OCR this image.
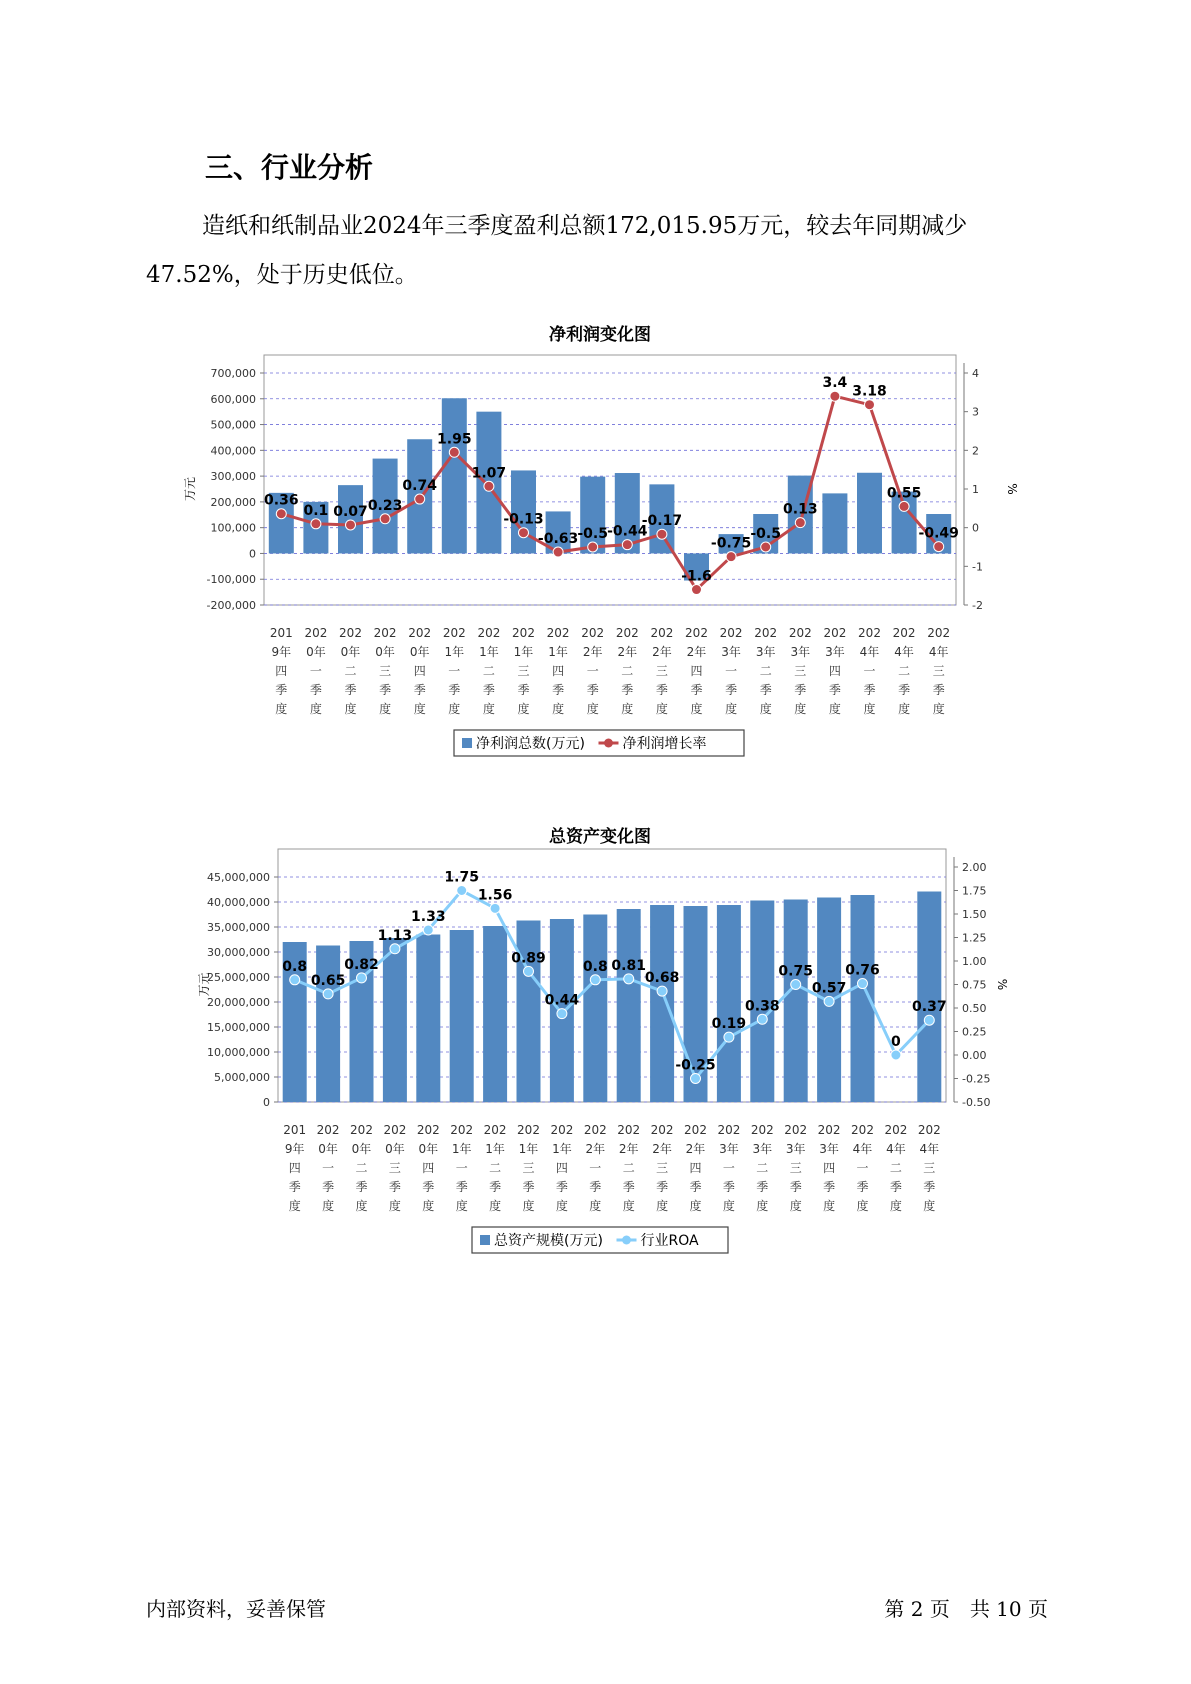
三、行业分析
造纸和纸制品业2024年三季度盈利总额172,015.95万元，较去年同期减少47.52%，处于历史低位。
净利润变化图
700,000
600,000
500,000
400,000
300,000
200,000
100,000
0
-100,000
-200,000
4
3
2
1
0
-1
-2
万元	%
0.36
0.1 0.07 0.23
0.74
1.95
1.07
-0.13
-0.63 -0.5 -0.44
-0.17
-1.6
-0.75
-0.5
0.13
3.4
3.18
0.55
-0.49
201
9年
四
季
度
202
0年
一
季
度
202
0年
二
季
度
202
0年
三
季
度
202
0年
四
季
度
202
1年
一
季
度
202
1年
二
季
度
202
1年
三
季
度
202
1年
四
季
度
202
2年
一
季
度
202
2年
二
季
度
202
2年
三
季
度
202
2年
四
季
度
202
3年
一
季
度
202
3年
二
季
度
202
3年
三
季
度
202
3年
四
季
度
202
4年
一
季
度
202
4年
二
季
度
202
4年
三
季
度
净利润总数(万元)	净利润增长率
总资产变化图
45,000,000
40,000,000
35,000,000
30,000,000
25,000,000
20,000,000
15,000,000
10,000,000
5,000,000
0
2.00
1.75
1.50
1.25
1.00
0.75
0.50
0.25
0.00
-0.25
-0.50
万元	%
0.8
0.65
0.82
1.13
1.33
1.75
1.56
0.89
0.44
0.8 0.81
0.68
-0.25
0.19
0.38
0.75
0.57
0.76
0
0.37
201
9年
四
季
度
202
0年
一
季
度
202
0年
二
季
度
202
0年
三
季
度
202
0年
四
季
度
202
1年
一
季
度
202
1年
二
季
度
202
1年
三
季
度
202
1年
四
季
度
202
2年
一
季
度
202
2年
二
季
度
202
2年
三
季
度
202
2年
四
季
度
202
3年
一
季
度
202
3年
二
季
度
202
3年
三
季
度
202
3年
四
季
度
202
4年
一
季
度
202
4年
二
季
度
202
4年
三
季
度
总资产规模(万元)	行业ROA
内部资料，妥善保管	第 2 页　共 10 页
